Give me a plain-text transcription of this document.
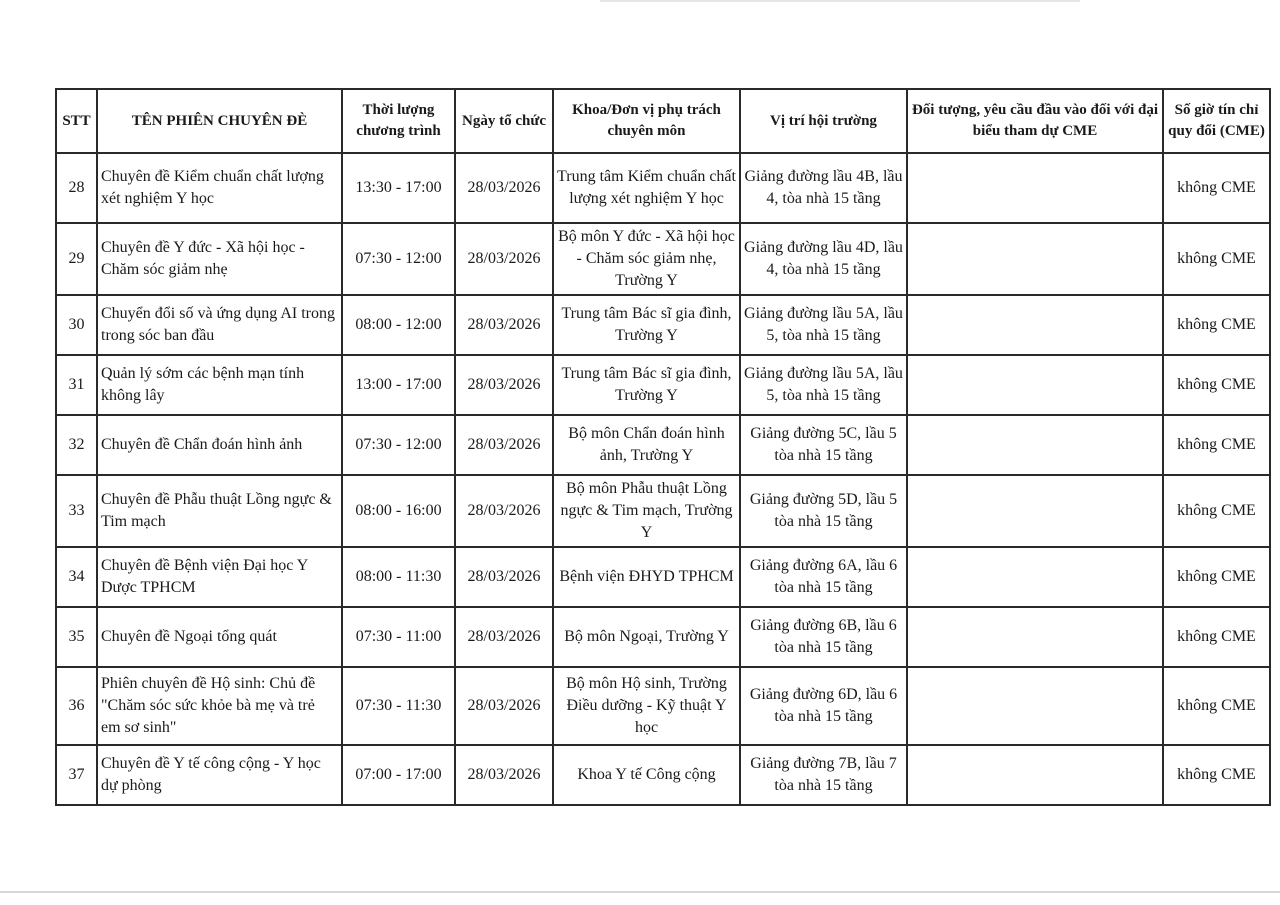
STT	TÊN PHIÊN CHUYÊN ĐÈ	Thời lượng chương trình	Ngày tổ chức	Khoa/Đơn vị phụ trách chuyên môn	Vị trí hội trường	Đối tượng, yêu cầu đầu vào đối với đại biểu tham dự CME	Số giờ tín chỉ quy đổi (CME)
28	Chuyên đề Kiểm chuẩn chất lượng xét nghiệm Y học	13:30 - 17:00	28/03/2026	Trung tâm Kiểm chuẩn chất lượng xét nghiệm Y học	Giảng đường lầu 4B, lầu 4, tòa nhà 15 tầng		không CME
29	Chuyên đề Y đức - Xã hội học - Chăm sóc giảm nhẹ	07:30 - 12:00	28/03/2026	Bộ môn Y đức - Xã hội học - Chăm sóc giảm nhẹ, Trường Y	Giảng đường lầu 4D, lầu 4, tòa nhà 15 tầng		không CME
30	Chuyển đổi số và ứng dụng AI trong trong sóc ban đầu	08:00 - 12:00	28/03/2026	Trung tâm Bác sĩ gia đình, Trường Y	Giảng đường lầu 5A, lầu 5, tòa nhà 15 tầng		không CME
31	Quản lý sớm các bệnh mạn tính không lây	13:00 - 17:00	28/03/2026	Trung tâm Bác sĩ gia đình, Trường Y	Giảng đường lầu 5A, lầu 5, tòa nhà 15 tầng		không CME
32	Chuyên đề Chẩn đoán hình ảnh	07:30 - 12:00	28/03/2026	Bộ môn Chẩn đoán hình ảnh, Trường Y	Giảng đường 5C, lầu 5 tòa nhà 15 tầng		không CME
33	Chuyên đề Phẫu thuật Lồng ngực & Tim mạch	08:00 - 16:00	28/03/2026	Bộ môn Phẫu thuật Lồng ngực & Tim mạch, Trường Y	Giảng đường 5D, lầu 5 tòa nhà 15 tầng		không CME
34	Chuyên đề Bệnh viện Đại học Y Dược TPHCM	08:00 - 11:30	28/03/2026	Bệnh viện ĐHYD TPHCM	Giảng đường 6A, lầu 6 tòa nhà 15 tầng		không CME
35	Chuyên đề Ngoại tổng quát	07:30 - 11:00	28/03/2026	Bộ môn Ngoại, Trường Y	Giảng đường 6B, lầu 6 tòa nhà 15 tầng		không CME
36	Phiên chuyên đề Hộ sinh: Chủ đề "Chăm sóc sức khỏe bà mẹ và trẻ em sơ sinh"	07:30 - 11:30	28/03/2026	Bộ môn Hộ sinh, Trường Điều dưỡng - Kỹ thuật Y học	Giảng đường 6D, lầu 6 tòa nhà 15 tầng		không CME
37	Chuyên đề Y tế công cộng - Y học dự phòng	07:00 - 17:00	28/03/2026	Khoa Y tế Công cộng	Giảng đường 7B, lầu 7 tòa nhà 15 tầng		không CME
